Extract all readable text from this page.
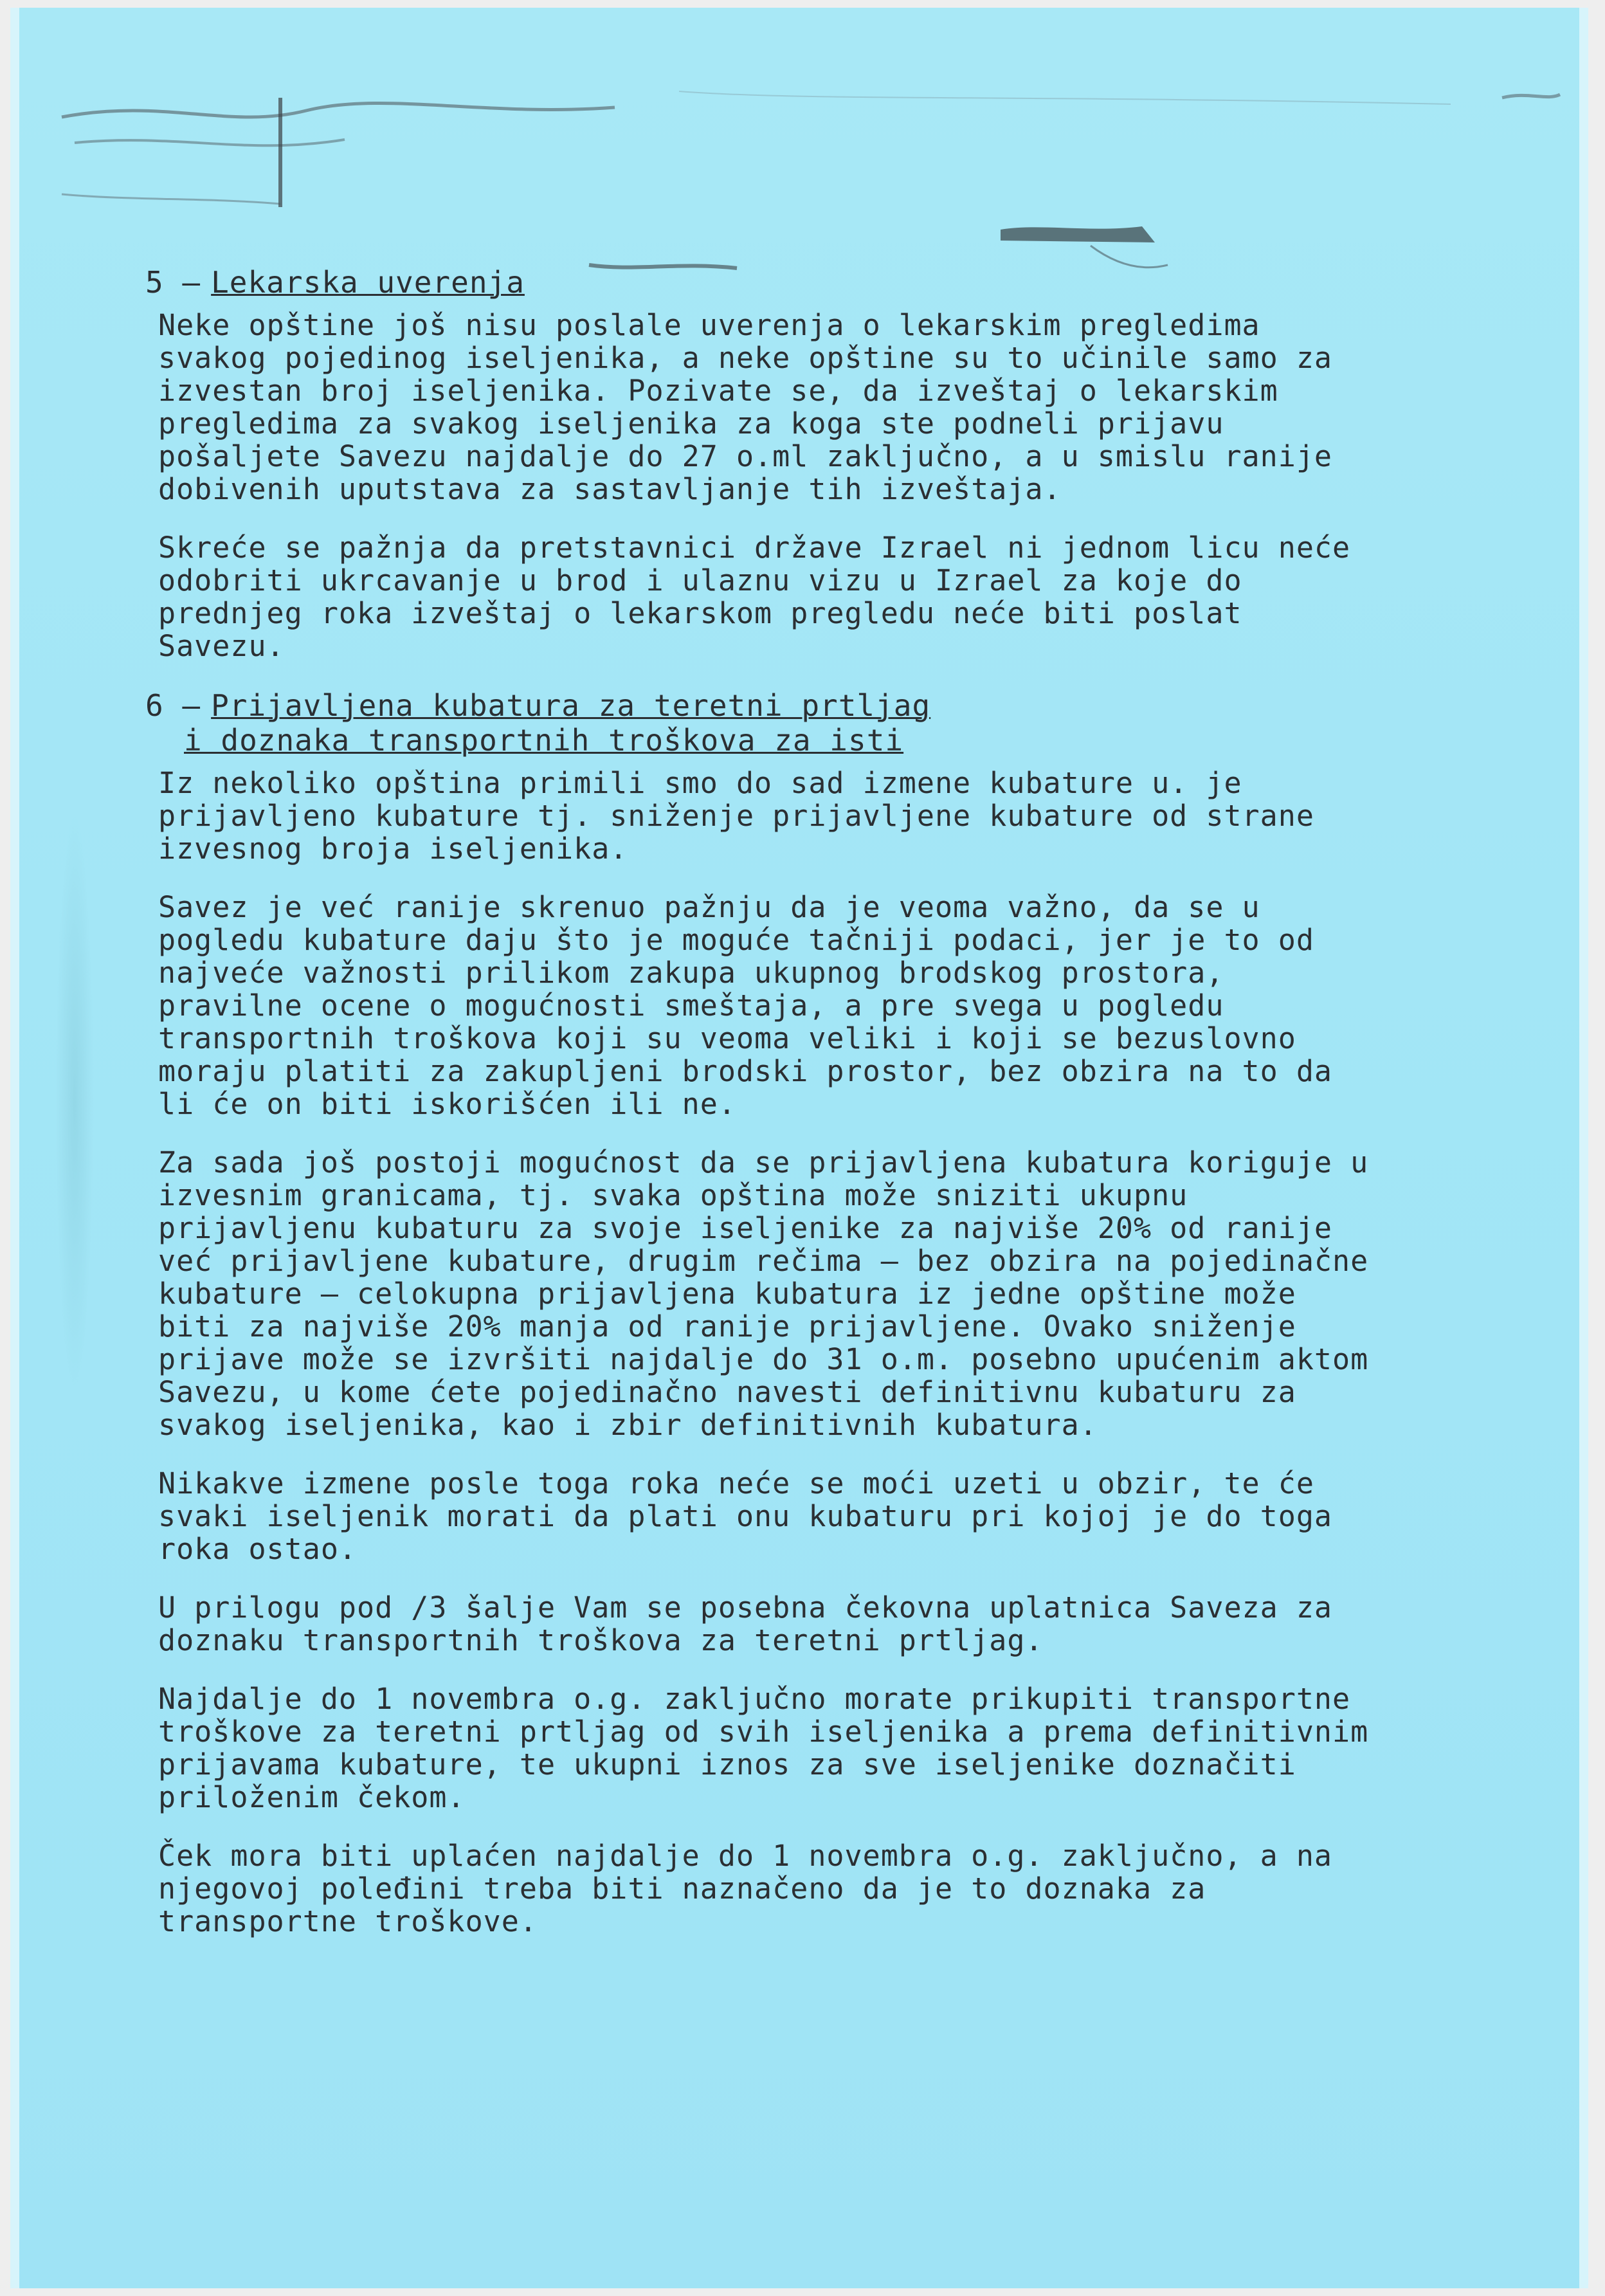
5 – Lekarska uverenja

Neke opštine još nisu poslale uverenja o lekarskim pregledima svakog pojedinog iseljenika, a neke opštine su to učinile samo za izvestan broj iseljenika. Pozivate se, da izveštaj o lekarskim pregledima za svakog iseljenika za koga ste podneli prijavu pošaljete Savezu najdalje do 27 o.ml zaključno, a u smislu ranije dobivenih uputstava za sastavljanje tih izveštaja.

Skreće se pažnja da pretstavnici države Izrael ni jednom licu neće odobriti ukrcavanje u brod i ulaznu vizu u Izrael za koje do prednjeg roka izveštaj o lekarskom pregledu neće biti poslat Savezu.

6 – Prijavljena kubatura za teretni prtljag
i doznaka transportnih troškova za isti

Iz nekoliko opština primili smo do sad izmene kubature u. je prijavljeno kubature tj. sniženje prijavljene kubature od strane izvesnog broja iseljenika.

Savez je već ranije skrenuo pažnju da je veoma važno, da se u pogledu kubature daju što je moguće tačniji podaci, jer je to od najveće važnosti prilikom zakupa ukupnog brodskog prostora, pravilne ocene o mogućnosti smeštaja, a pre svega u pogledu transportnih troškova koji su veoma veliki i koji se bezuslovno moraju platiti za zakupljeni brodski prostor, bez obzira na to da li će on biti iskorišćen ili ne.

Za sada još postoji mogućnost da se prijavljena kubatura koriguje u izvesnim granicama, tj. svaka opština može sniziti ukupnu prijavljenu kubaturu za svoje iseljenike za najviše 20% od ranije već prijavljene kubature, drugim rečima – bez obzira na pojedinačne kubature – celokupna prijavljena kubatura iz jedne opštine može biti za najviše 20% manja od ranije prijavljene. Ovako sniženje prijave može se izvršiti najdalje do 31 o.m. posebno upućenim aktom Savezu, u kome ćete pojedinačno navesti definitivnu kubaturu za svakog iseljenika, kao i zbir definitivnih kubatura.

Nikakve izmene posle toga roka neće se moći uzeti u obzir, te će svaki iseljenik morati da plati onu kubaturu pri kojoj je do toga roka ostao.

U prilogu pod /3 šalje Vam se posebna čekovna uplatnica Saveza za doznaku transportnih troškova za teretni prtljag.

Najdalje do 1 novembra o.g. zaključno morate prikupiti transportne troškove za teretni prtljag od svih iseljenika a prema definitivnim prijavama kubature, te ukupni iznos za sve iseljenike doznačiti priloženim čekom.

Ček mora biti uplaćen najdalje do 1 novembra o.g. zaključno, a na njegovoj poleđini treba biti naznačeno da je to doznaka za transportne troškove.
